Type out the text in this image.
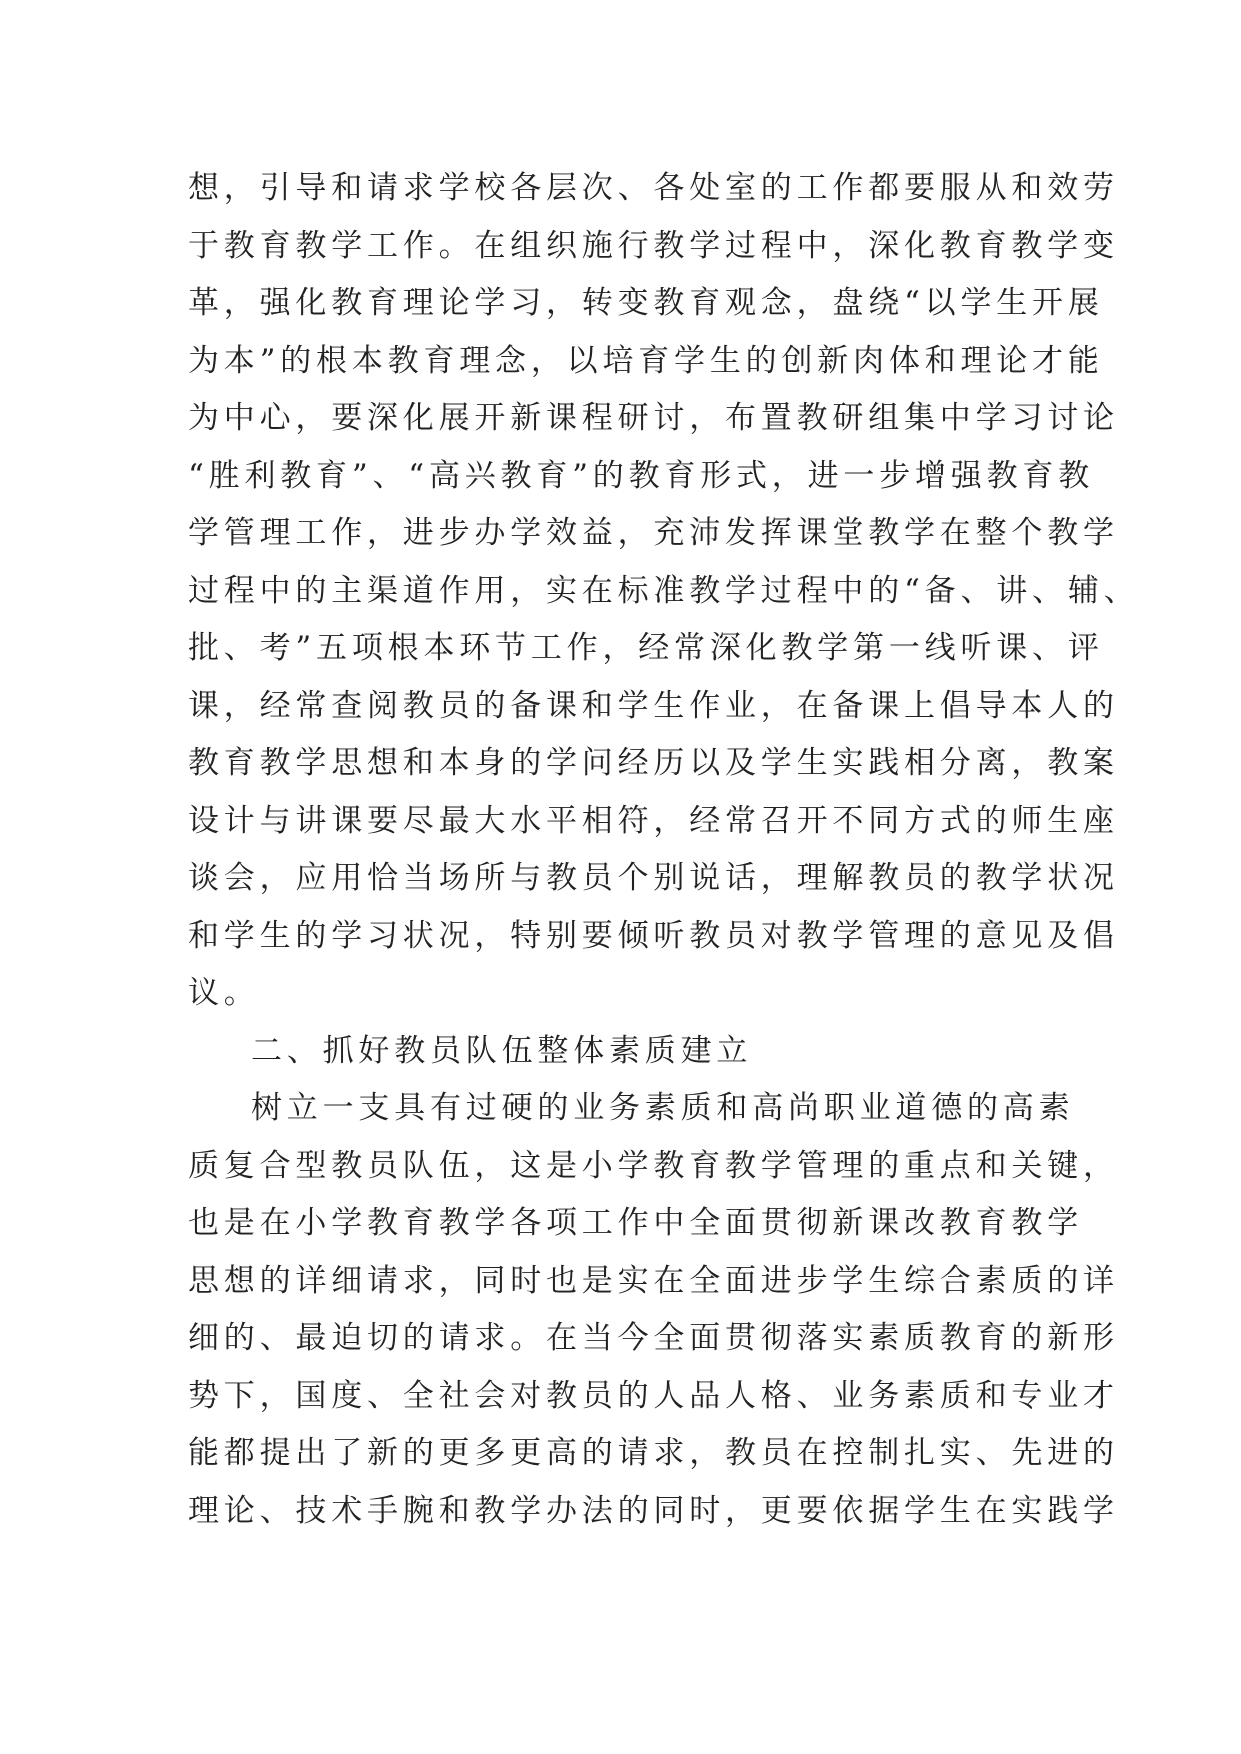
想，引导和请求学校各层次、各处室的工作都要服从和效劳
于教育教学工作。在组织施行教学过程中，深化教育教学变
革，强化教育理论学习，转变教育观念，盘绕“以学生开展
为本”的根本教育理念，以培育学生的创新肉体和理论才能
为中心，要深化展开新课程研讨，布置教研组集中学习讨论
“胜利教育”、“高兴教育”的教育形式，进一步增强教育教
学管理工作，进步办学效益，充沛发挥课堂教学在整个教学
过程中的主渠道作用，实在标准教学过程中的“备、讲、辅、
批、考”五项根本环节工作，经常深化教学第一线听课、评
课，经常查阅教员的备课和学生作业，在备课上倡导本人的
教育教学思想和本身的学问经历以及学生实践相分离，教案
设计与讲课要尽最大水平相符，经常召开不同方式的师生座
谈会，应用恰当场所与教员个别说话，理解教员的教学状况
和学生的学习状况，特别要倾听教员对教学管理的意见及倡
议。
二、抓好教员队伍整体素质建立
树立一支具有过硬的业务素质和高尚职业道德的高素
质复合型教员队伍，这是小学教育教学管理的重点和关键，
也是在小学教育教学各项工作中全面贯彻新课改教育教学
思想的详细请求，同时也是实在全面进步学生综合素质的详
细的、最迫切的请求。在当今全面贯彻落实素质教育的新形
势下，国度、全社会对教员的人品人格、业务素质和专业才
能都提出了新的更多更高的请求，教员在控制扎实、先进的
理论、技术手腕和教学办法的同时，更要依据学生在实践学
